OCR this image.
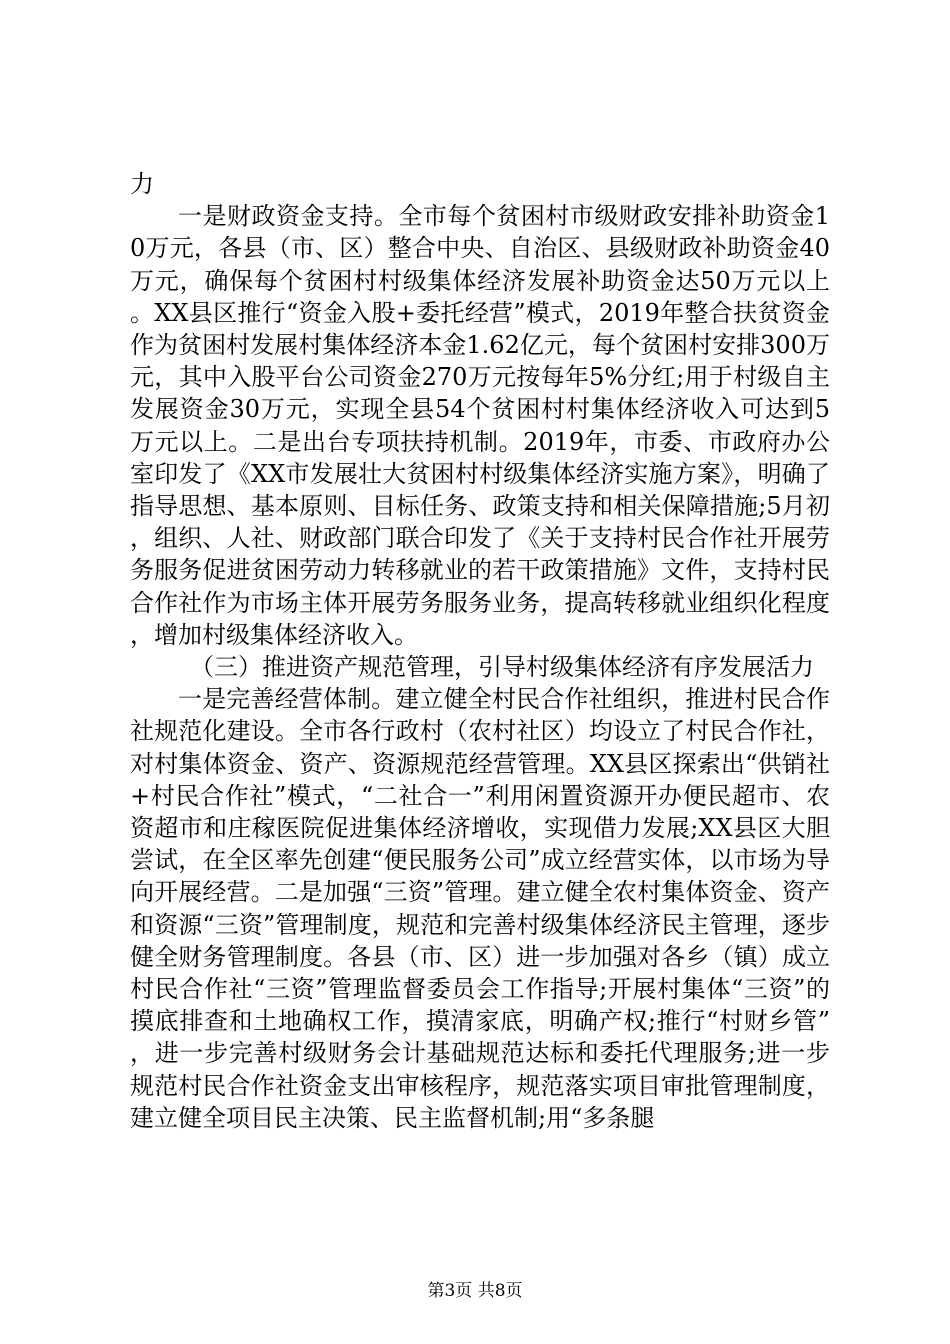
力

一是财政资金支持。全市每个贫困村市级财政安排补助资金10万元，各县（市、区）整合中央、自治区、县级财政补助资金40万元，确保每个贫困村村级集体经济发展补助资金达50万元以上。XX县区推行“资金入股+委托经营”模式，2019年整合扶贫资金作为贫困村发展村集体经济本金1.62亿元，每个贫困村安排300万元，其中入股平台公司资金270万元按每年5%分红;用于村级自主发展资金30万元，实现全县54个贫困村村集体经济收入可达到5万元以上。二是出台专项扶持机制。2019年，市委、市政府办公室印发了《XX市发展壮大贫困村村级集体经济实施方案》，明确了指导思想、基本原则、目标任务、政策支持和相关保障措施;5月初，组织、人社、财政部门联合印发了《关于支持村民合作社开展劳务服务促进贫困劳动力转移就业的若干政策措施》文件，支持村民合作社作为市场主体开展劳务服务业务，提高转移就业组织化程度，增加村级集体经济收入。

（三）推进资产规范管理，引导村级集体经济有序发展活力

一是完善经营体制。建立健全村民合作社组织，推进村民合作社规范化建设。全市各行政村（农村社区）均设立了村民合作社，对村集体资金、资产、资源规范经营管理。XX县区探索出“供销社+村民合作社”模式，“二社合一”利用闲置资源开办便民超市、农资超市和庄稼医院促进集体经济增收，实现借力发展;XX县区大胆尝试，在全区率先创建“便民服务公司”成立经营实体，以市场为导向开展经营。二是加强“三资”管理。建立健全农村集体资金、资产和资源“三资”管理制度，规范和完善村级集体经济民主管理，逐步健全财务管理制度。各县（市、区）进一步加强对各乡（镇）成立村民合作社“三资”管理监督委员会工作指导;开展村集体“三资”的摸底排查和土地确权工作，摸清家底，明确产权;推行“村财乡管”，进一步完善村级财务会计基础规范达标和委托代理服务;进一步规范村民合作社资金支出审核程序，规范落实项目审批管理制度，建立健全项目民主决策、民主监督机制;用“多条腿

第3页 共8页
